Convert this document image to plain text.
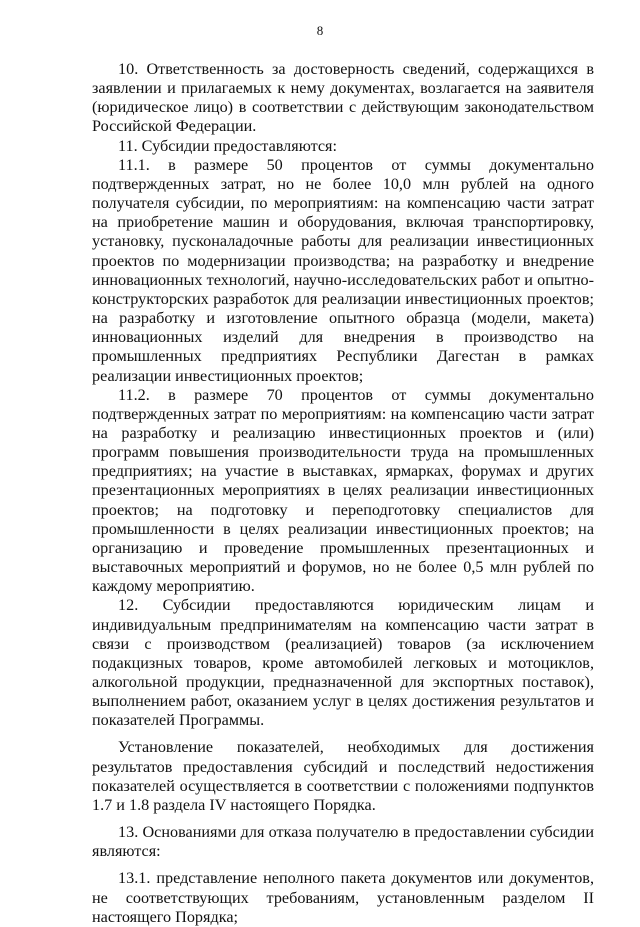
8

10. Ответственность за достоверность сведений, содержащихся в заявлении и прилагаемых к нему документах, возлагается на заявителя (юридическое лицо) в соответствии с действующим законодательством Российской Федерации.

11. Субсидии предоставляются:

11.1. в размере 50 процентов от суммы документально подтвержденных затрат, но не более 10,0 млн рублей на одного получателя субсидии, по мероприятиям: на компенсацию части затрат на приобретение машин и оборудования, включая транспортировку, установку, пусконаладочные работы для реализации инвестиционных проектов по модернизации производства; на разработку и внедрение инновационных технологий, научно-исследовательских работ и опытно-конструкторских разработок для реализации инвестиционных проектов; на разработку и изготовление опытного образца (модели, макета) инновационных изделий для внедрения в производство на промышленных предприятиях Республики Дагестан в рамках реализации инвестиционных проектов;

11.2. в размере 70 процентов от суммы документально подтвержденных затрат по мероприятиям: на компенсацию части затрат на разработку и реализацию инвестиционных проектов и (или) программ повышения производительности труда на промышленных предприятиях; на участие в выставках, ярмарках, форумах и других презентационных мероприятиях в целях реализации инвестиционных проектов; на подготовку и переподготовку специалистов для промышленности в целях реализации инвестиционных проектов; на организацию и проведение промышленных презентационных и выставочных мероприятий и форумов, но не более 0,5 млн рублей по каждому мероприятию.

12. Субсидии предоставляются юридическим лицам и индивидуальным предпринимателям на компенсацию части затрат в связи с производством (реализацией) товаров (за исключением подакцизных товаров, кроме автомобилей легковых и мотоциклов, алкогольной продукции, предназначенной для экспортных поставок), выполнением работ, оказанием услуг в целях достижения результатов и показателей Программы.

Установление показателей, необходимых для достижения результатов предоставления субсидий и последствий недостижения показателей осуществляется в соответствии с положениями подпунктов 1.7 и 1.8 раздела IV настоящего Порядка.

13. Основаниями для отказа получателю в предоставлении субсидии являются:

13.1. представление неполного пакета документов или документов, не соответствующих требованиям, установленным разделом II настоящего Порядка;
